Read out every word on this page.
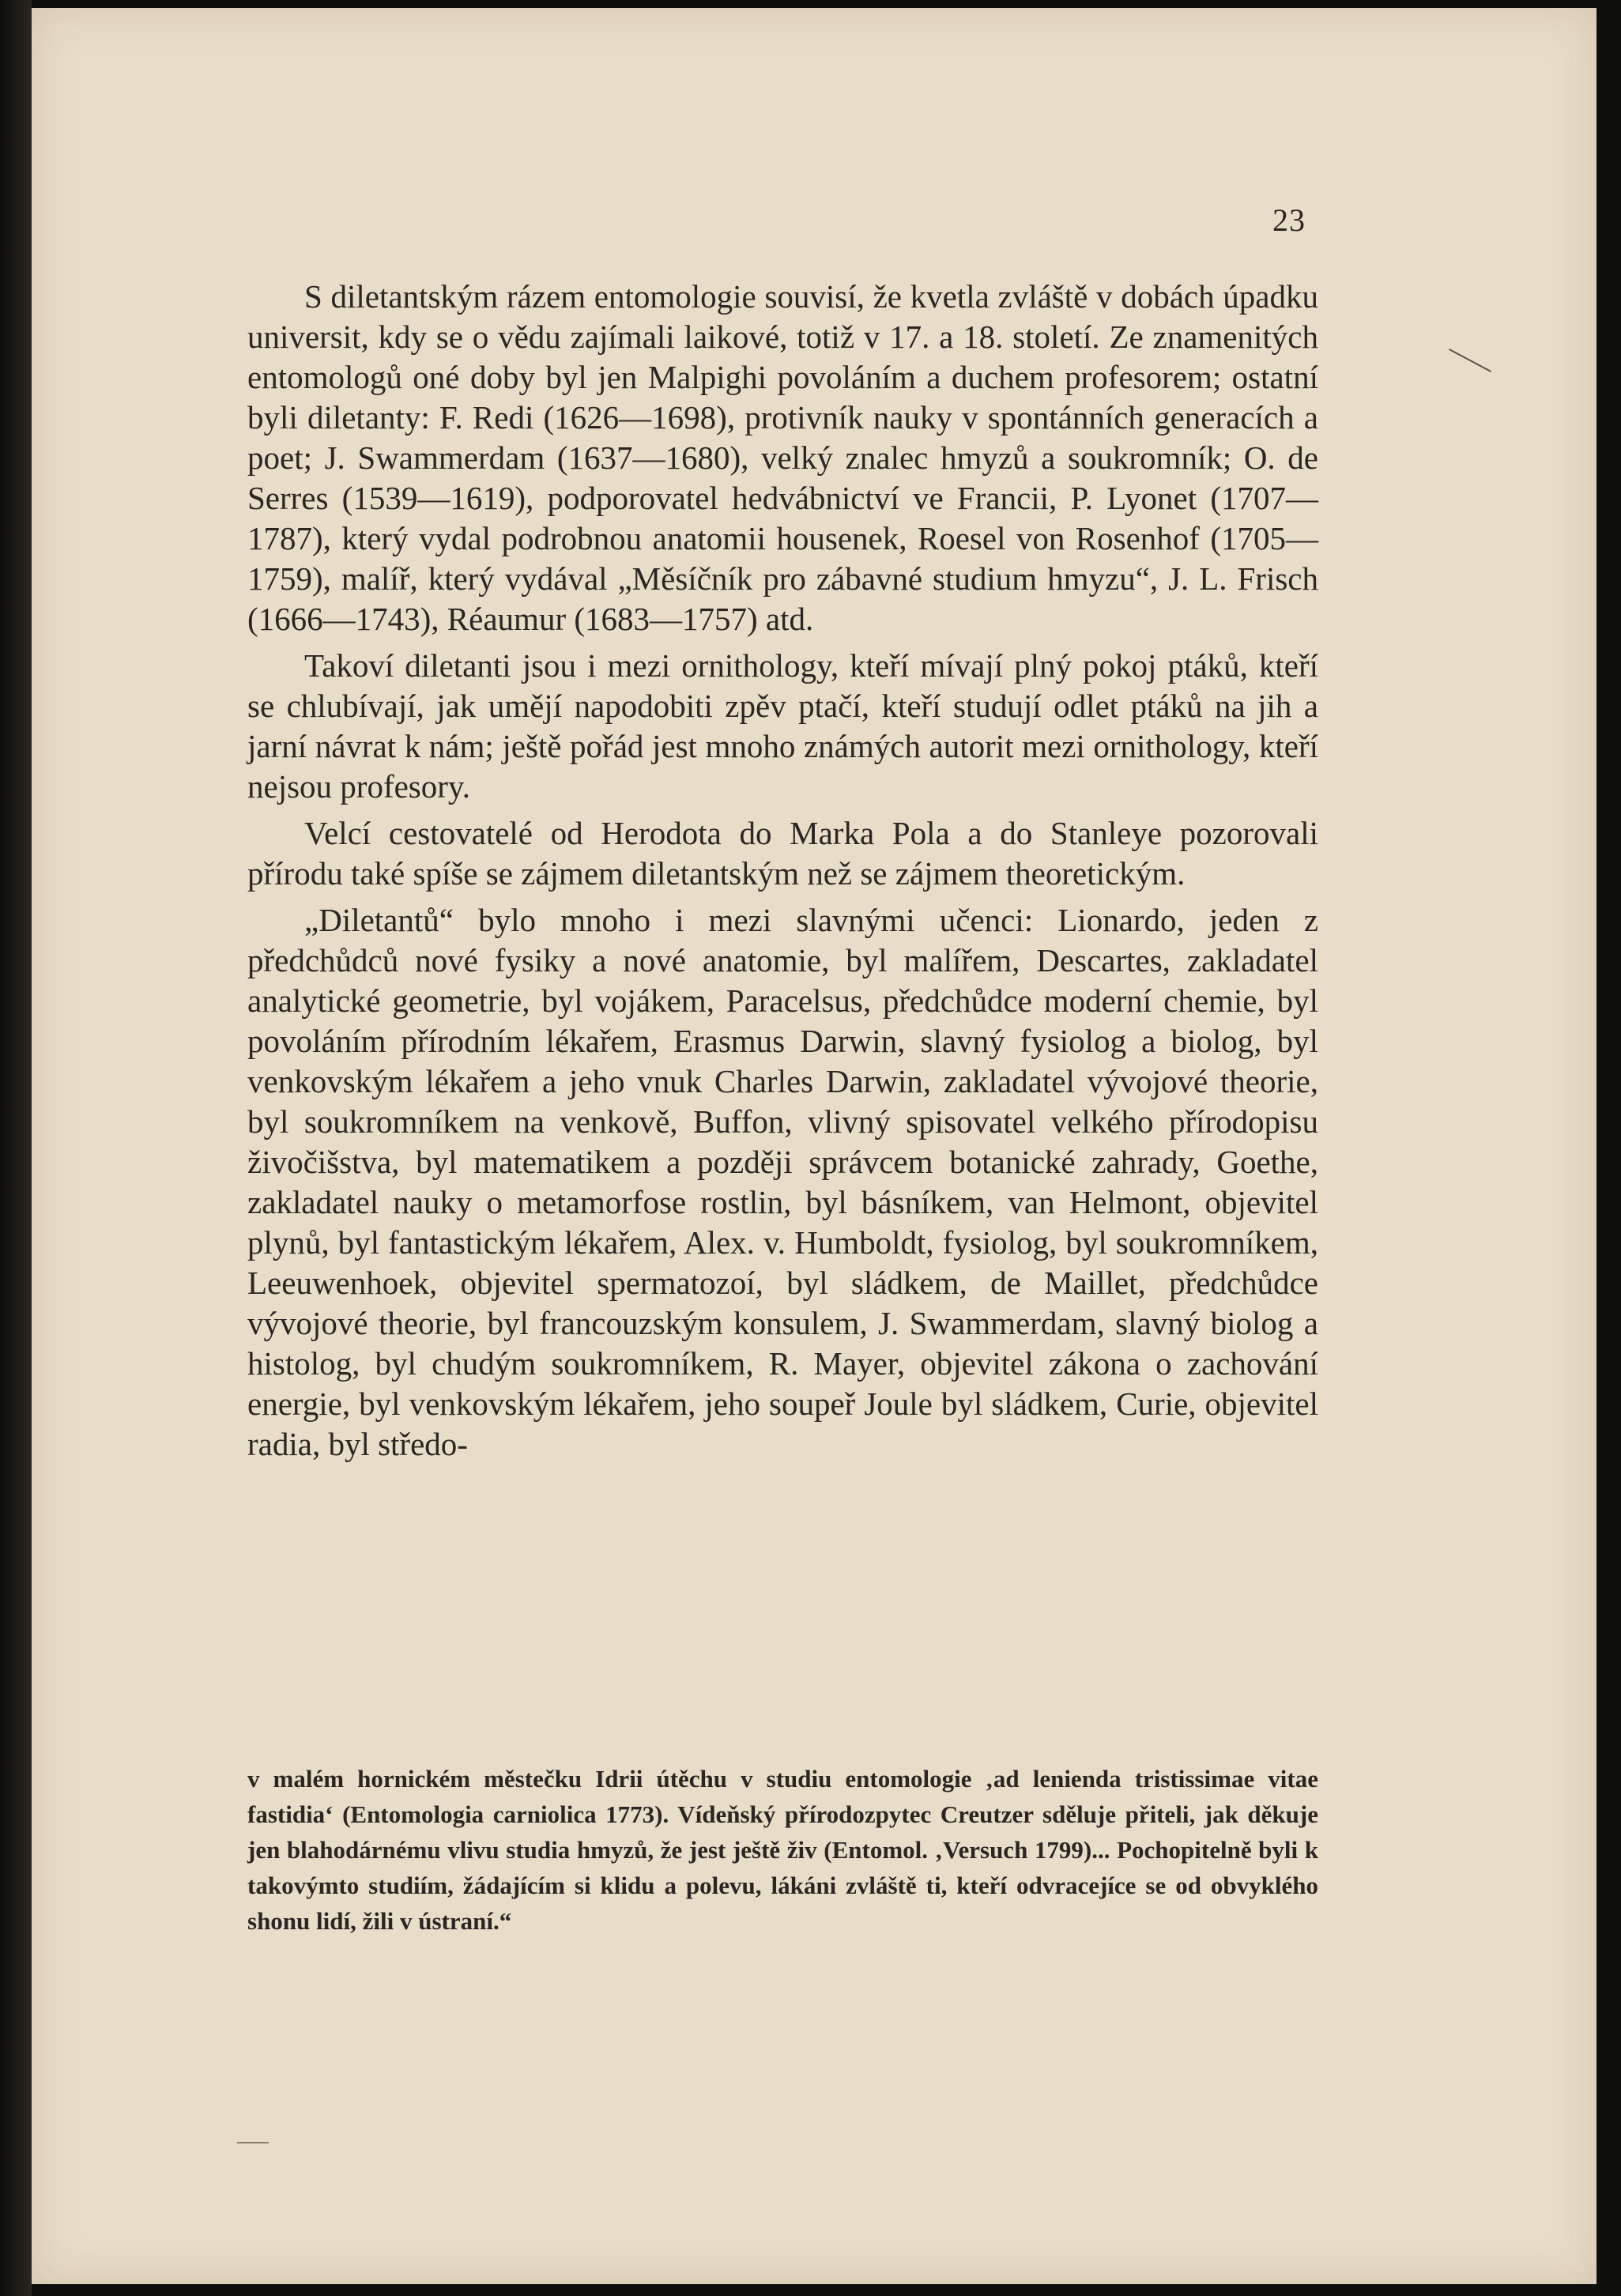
23

S diletantským rázem entomologie souvisí, že kvetla zvláště v dobách úpadku universit, kdy se o vědu zajímali laikové, totiž v 17. a 18. století. Ze znamenitých entomologů oné doby byl jen Malpighi povoláním a duchem profesorem; ostatní byli diletanty: F. Redi (1626—1698), protivník nauky v spontánních generacích a poet; J. Swammerdam (1637—1680), velký znalec hmyzů a soukromník; O. de Serres (1539—1619), podporovatel hedvábnictví ve Francii, P. Lyonet (1707—1787), který vydal podrobnou anatomii housenek, Roesel von Rosenhof (1705—1759), malíř, který vydával „Měsíčník pro zábavné studium hmyzu“, J. L. Frisch (1666—1743), Réaumur (1683—1757) atd.

Takoví diletanti jsou i mezi ornithology, kteří mívají plný pokoj ptáků, kteří se chlubívají, jak umějí napodobiti zpěv ptačí, kteří studují odlet ptáků na jih a jarní návrat k nám; ještě pořád jest mnoho známých autorit mezi ornithology, kteří nejsou profesory.

Velcí cestovatelé od Herodota do Marka Pola a do Stanleye pozorovali přírodu také spíše se zájmem diletantským než se zájmem theoretickým.

„Diletantů“ bylo mnoho i mezi slavnými učenci: Lionardo, jeden z předchůdců nové fysiky a nové anatomie, byl malířem, Descartes, zakladatel analytické geometrie, byl vojákem, Paracelsus, předchůdce moderní chemie, byl povoláním přírodním lékařem, Erasmus Darwin, slavný fysiolog a biolog, byl venkovským lékařem a jeho vnuk Charles Darwin, zakladatel vývojové theorie, byl soukromníkem na venkově, Buffon, vlivný spisovatel velkého přírodopisu živočišstva, byl matematikem a později správcem botanické zahrady, Goethe, zakladatel nauky o metamorfose rostlin, byl básníkem, van Helmont, objevitel plynů, byl fantastickým lékařem, Alex. v. Humboldt, fysiolog, byl soukromníkem, Leeuwenhoek, objevitel spermatozoí, byl sládkem, de Maillet, předchůdce vývojové theorie, byl francouzským konsulem, J. Swammerdam, slavný biolog a histolog, byl chudým soukromníkem, R. Mayer, objevitel zákona o zachování energie, byl venkovským lékařem, jeho soupeř Joule byl sládkem, Curie, objevitel radia, byl středo-

v malém hornickém městečku Idrii útěchu v studiu entomologie ‚ad leniendа tristissimae vitae fastidia‘ (Entomologia carniolica 1773). Vídeňský přírodozpytec Creutzer sděluje přiteli, jak děkuje jen blahodárnému vlivu studia hmyzů, že jest ještě živ (Entomol. ‚Versuch 1799)... Pochopitelně byli k takovýmto studiím, žádajícím si klidu a polevu, lákáni zvláště ti, kteří odvracejíce se od obvyklého shonu lidí, žili v ústraní.“
